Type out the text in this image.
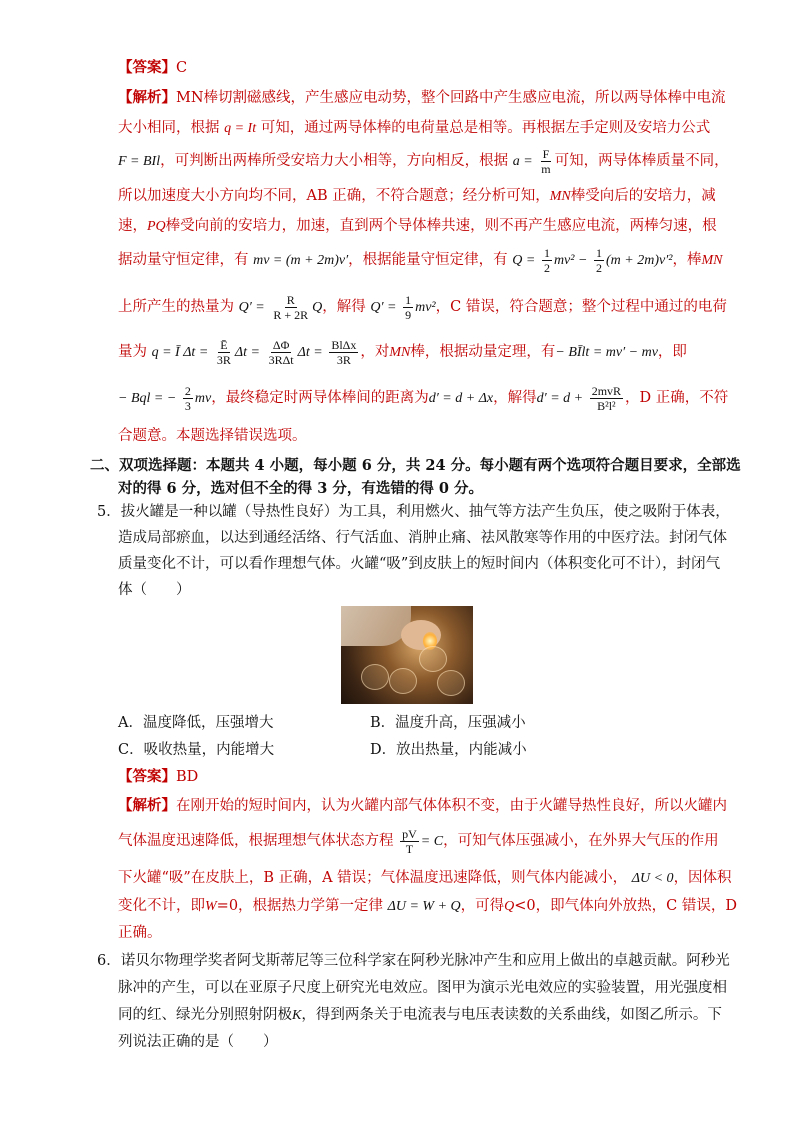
【答案】C
【解析】MN棒切割磁感线，产生感应电动势，整个回路中产生感应电流，所以两导体棒中电流
大小相同，根据 q = It 可知，通过两导体棒的电荷量总是相等。再根据左手定则及安培力公式
F = BIl，可判断出两棒所受安培力大小相等，方向相反，根据 $a = \frac{F}{m}$ 可知，两导体棒质量不同，
所以加速度大小方向均不同，AB 正确，不符合题意；经分析可知，MN棒受向后的安培力，减
速，PQ棒受向前的安培力，加速，直到两个导体棒共速，则不再产生感应电流，两棒匀速，根
据动量守恒定律，有 mv = (m + 2m)v′，根据能量守恒定律，有 $Q = \frac{1}{2} mv^2 - \frac{1}{2} (m + 2m)v'^2$，棒MN
上所产生的热量为 $Q' = \frac{R}{R + 2R}$ Q，解得 $Q' = \frac{1}{9} mv^2$，C 错误，符合题意；整个过程中通过的电荷
量为 q = Ī $\Delta t = \frac{Ē}{3R}$ $\Delta t = \frac{\Delta\Phi}{\text{3RΔt}}$ $\Delta t = \frac{\text{BlΔx}}{3R}$ ，对MN棒，根据动量定理，有− BĪlt = mv′ − mv，即
− Bql = − $\frac{2}{3}$ mv，最终稳定时两导体棒间的距离为d′ = d + Δx，解得$d' = d + \frac{\text{2mvR}}{\text{B²l²}}$ ，D 正确，不符
合题意。本题选择错误选项。
二、双项选择题：本题共 4 小题，每小题 6 分，共 24 分。每小题有两个选项符合题目要求，全部选
对的得 6 分，选对但不全的得 3 分，有选错的得 0 分。
5．拔火罐是一种以罐（导热性良好）为工具，利用燃火、抽气等方法产生负压，使之吸附于体表，
造成局部瘀血，以达到通经活络、行气活血、消肿止痛、祛风散寒等作用的中医疗法。封闭气体
质量变化不计，可以看作理想气体。火罐“吸”到皮肤上的短时间内（体积变化可不计），封闭气
体（　　）
A．温度降低，压强增大	B．温度升高，压强减小
C．吸收热量，内能增大	D．放出热量，内能减小
【答案】BD
【解析】在刚开始的短时间内，认为火罐内部气体体积不变，由于火罐导热性良好，所以火罐内
气体温度迅速降低，根据理想气体状态方程 $\frac{pV}{T} = C$，可知气体压强减小，在外界大气压的作用
下火罐“吸”在皮肤上，B 正确，A 错误；气体温度迅速降低，则气体内能减小， ΔU < 0，因体积
变化不计，即W=0，根据热力学第一定律 ΔU = W + Q，可得Q<0，即气体向外放热，C 错误，D
正确。
6．诺贝尔物理学奖者阿戈斯蒂尼等三位科学家在阿秒光脉冲产生和应用上做出的卓越贡献。阿秒光
脉冲的产生，可以在亚原子尺度上研究光电效应。图甲为演示光电效应的实验装置，用光强度相
同的红、绿光分别照射阴极K，得到两条关于电流表与电压表读数的关系曲线，如图乙所示。下
列说法正确的是（　　）
